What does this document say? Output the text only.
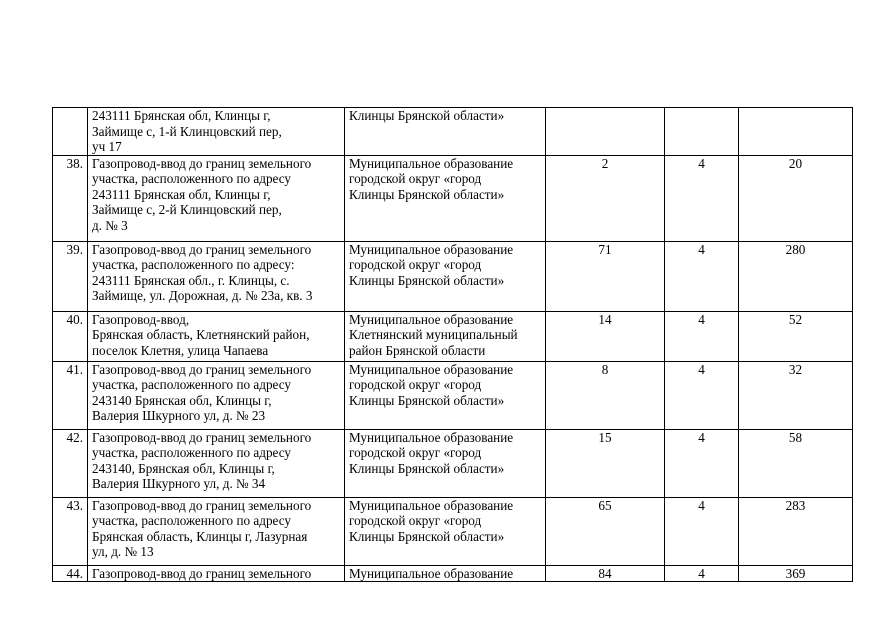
	243111 Брянская обл, Клинцы г,
Займище с, 1-й Клинцовский пер,
уч 17	Клинцы Брянской области»			

38.	Газопровод-ввод до границ земельного
участка, расположенного по адресу
243111 Брянская обл, Клинцы г,
Займище с, 2-й Клинцовский пер,
д. № 3	Муниципальное образование
городской округ «город
Клинцы Брянской области»	2	4	20
39.	Газопровод-ввод до границ земельного
участка, расположенного по адресу:
243111 Брянская обл., г. Клинцы, с.
Займище, ул. Дорожная, д. № 23а, кв. 3	Муниципальное образование
городской округ «город
Клинцы Брянской области»	71	4	280
40.	Газопровод-ввод,
Брянская область, Клетнянский район,
поселок Клетня, улица Чапаева	Муниципальное образование
Клетнянский муниципальный
район Брянской области	14	4	52
41.	Газопровод-ввод до границ земельного
участка, расположенного по адресу
243140 Брянская обл, Клинцы г,
Валерия Шкурного ул, д. № 23	Муниципальное образование
городской округ «город
Клинцы Брянской области»	8	4	32
42.	Газопровод-ввод до границ земельного
участка, расположенного по адресу
243140, Брянская обл, Клинцы г,
Валерия Шкурного ул, д. № 34	Муниципальное образование
городской округ «город
Клинцы Брянской области»	15	4	58
43.	Газопровод-ввод до границ земельного
участка, расположенного по адресу
Брянская область, Клинцы г, Лазурная
ул, д. № 13	Муниципальное образование
городской округ «город
Клинцы Брянской области»	65	4	283
44.	Газопровод-ввод до границ земельного	Муниципальное образование	84	4	369
